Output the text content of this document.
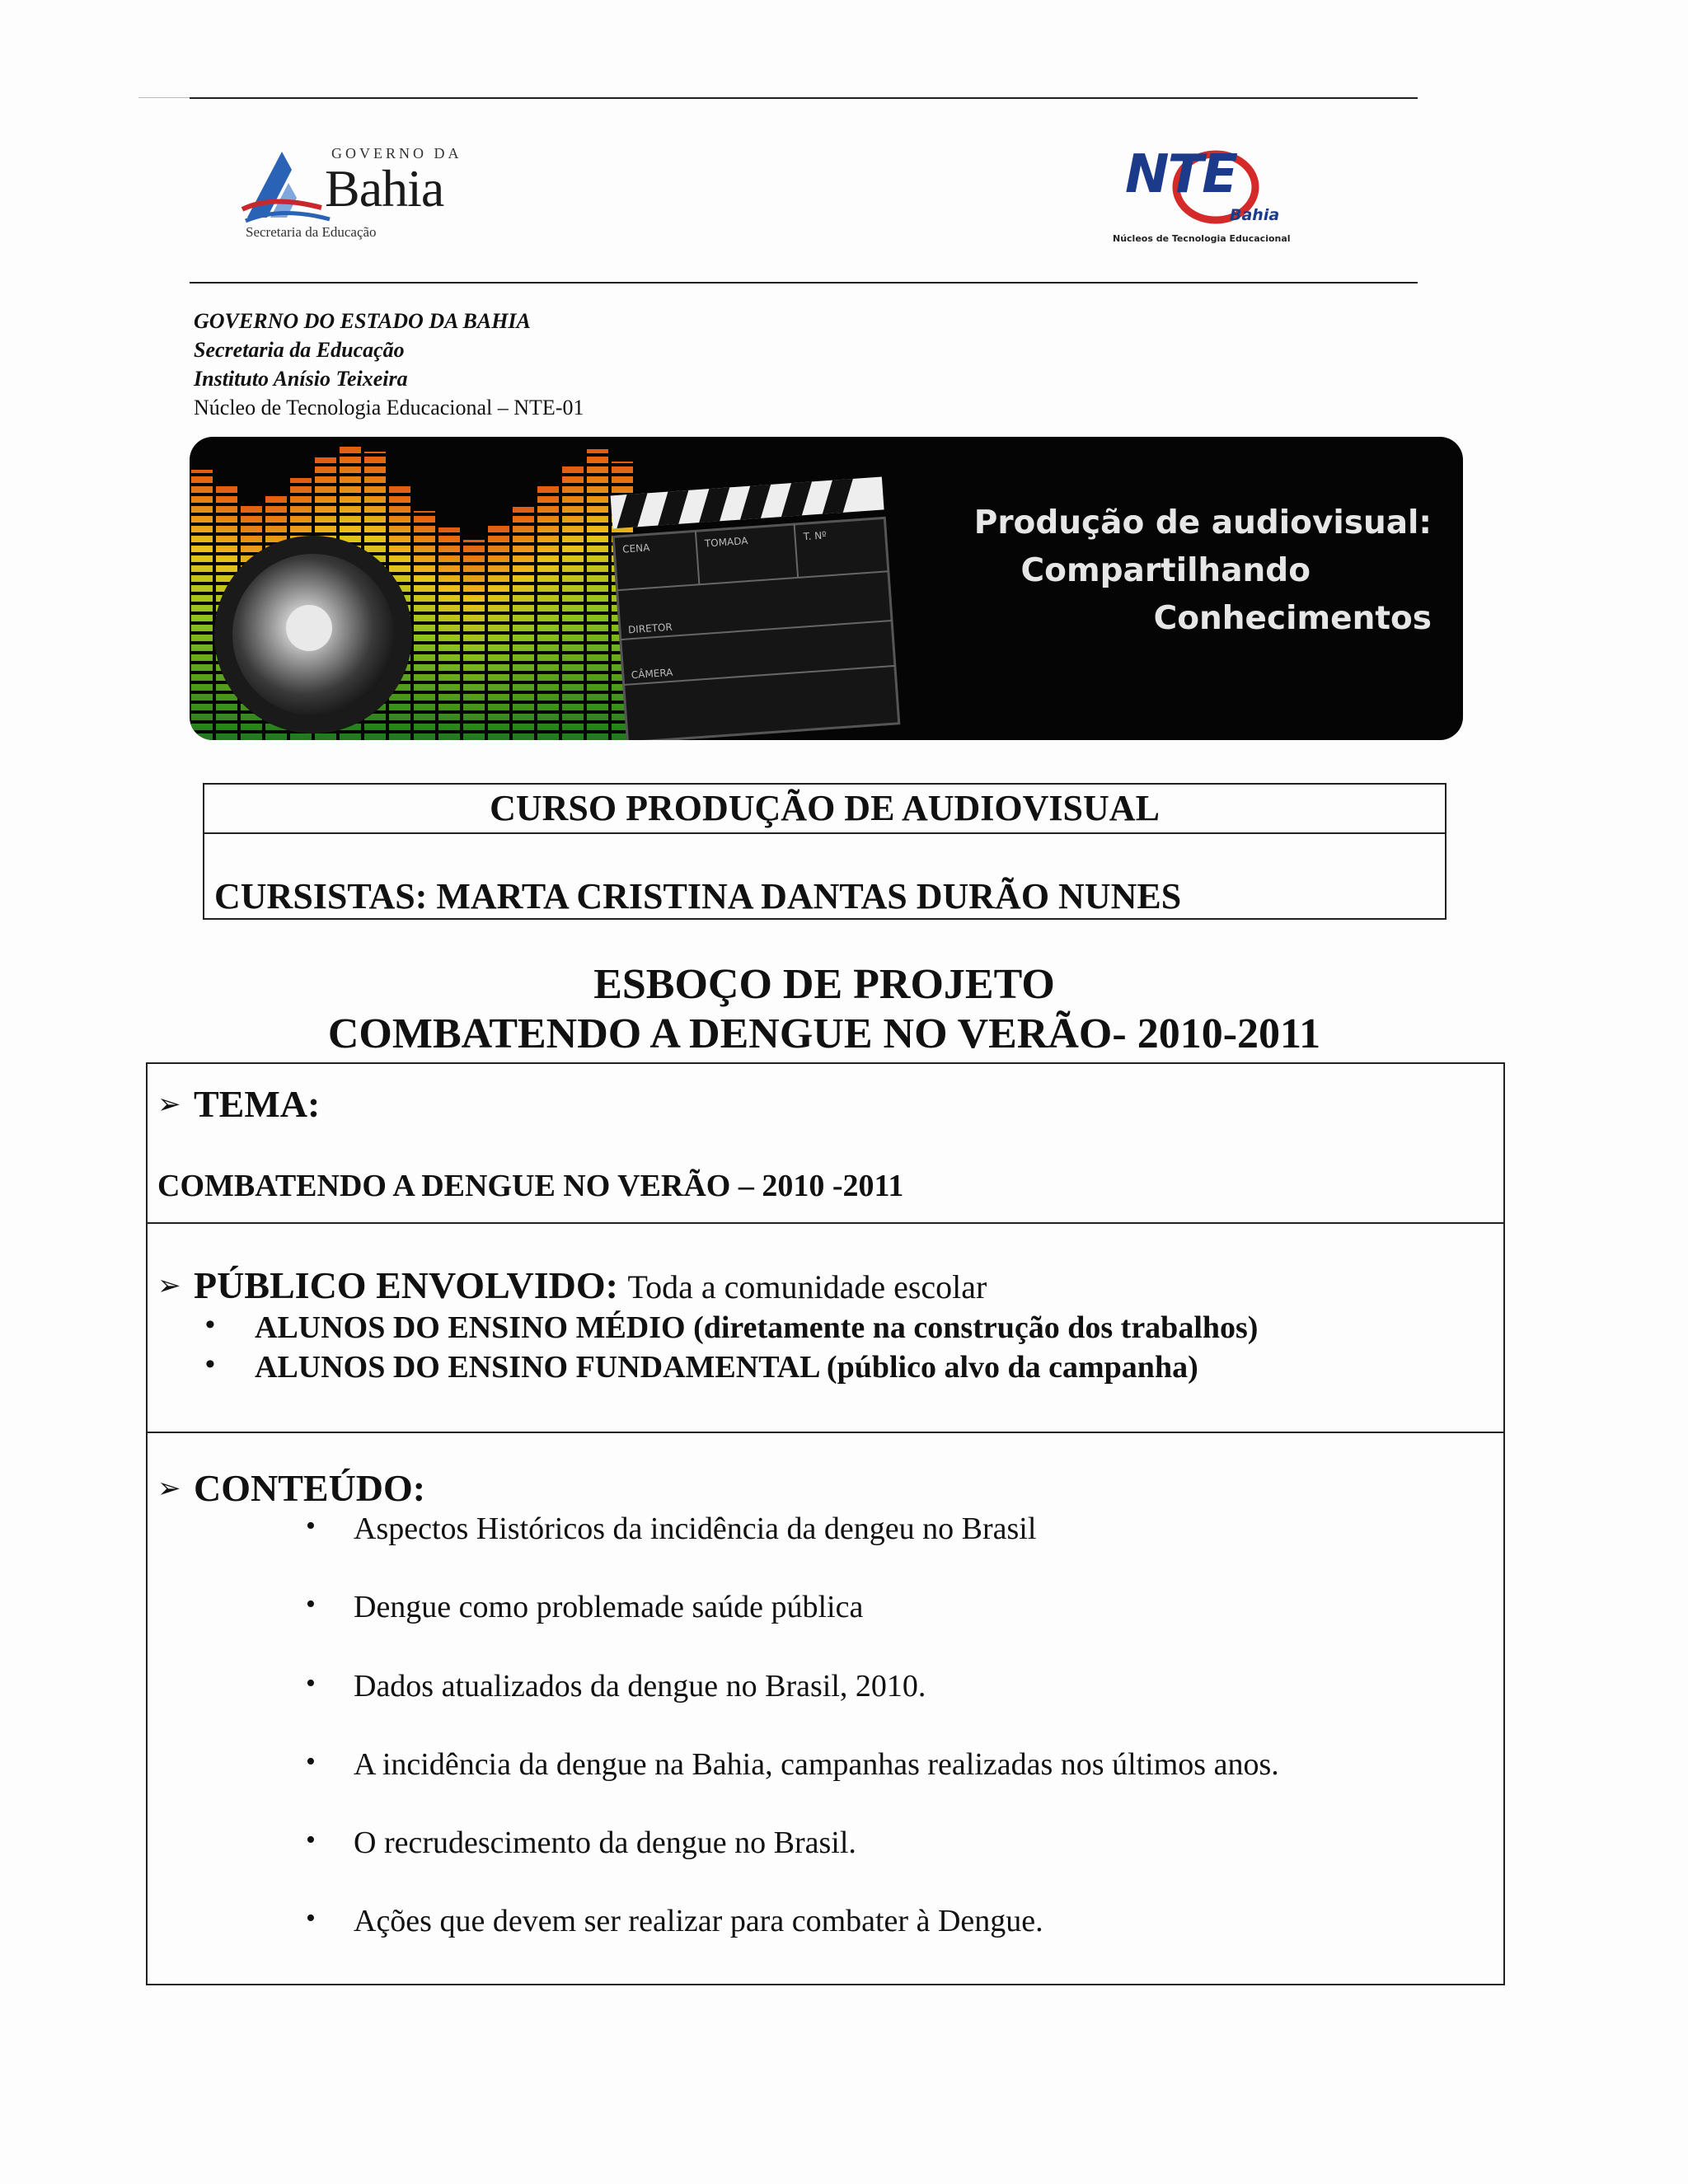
GOVERNO DA
Bahia
Secretaria da Educação
NTE
Bahia
Núcleos de Tecnologia Educacional
GOVERNO DO ESTADO DA BAHIA
Secretaria da Educação
Instituto Anísio Teixeira
Núcleo de Tecnologia Educacional – NTE-01
CENA	TOMADA	T. Nº
DIRETOR
CÂMERA
Produção de audiovisual:
Compartilhando
Conhecimentos
CURSO PRODUÇÃO DE AUDIOVISUAL
CURSISTAS: MARTA CRISTINA DANTAS DURÃO NUNES
ESBOÇO DE PROJETO
COMBATENDO A DENGUE NO VERÃO- 2010-2011
➢ TEMA:
COMBATENDO A DENGUE NO VERÃO – 2010 -2011
➢ PÚBLICO ENVOLVIDO: Toda a comunidade escolar
• ALUNOS DO ENSINO MÉDIO (diretamente na construção dos trabalhos)
• ALUNOS DO ENSINO FUNDAMENTAL (público alvo da campanha)
➢ CONTEÚDO:
• Aspectos Históricos da incidência da dengeu no Brasil
• Dengue como problemade saúde pública
• Dados atualizados da dengue no Brasil, 2010.
• A incidência da dengue na Bahia, campanhas realizadas nos últimos anos.
• O recrudescimento da dengue no Brasil.
• Ações que devem ser realizar para combater à Dengue.
